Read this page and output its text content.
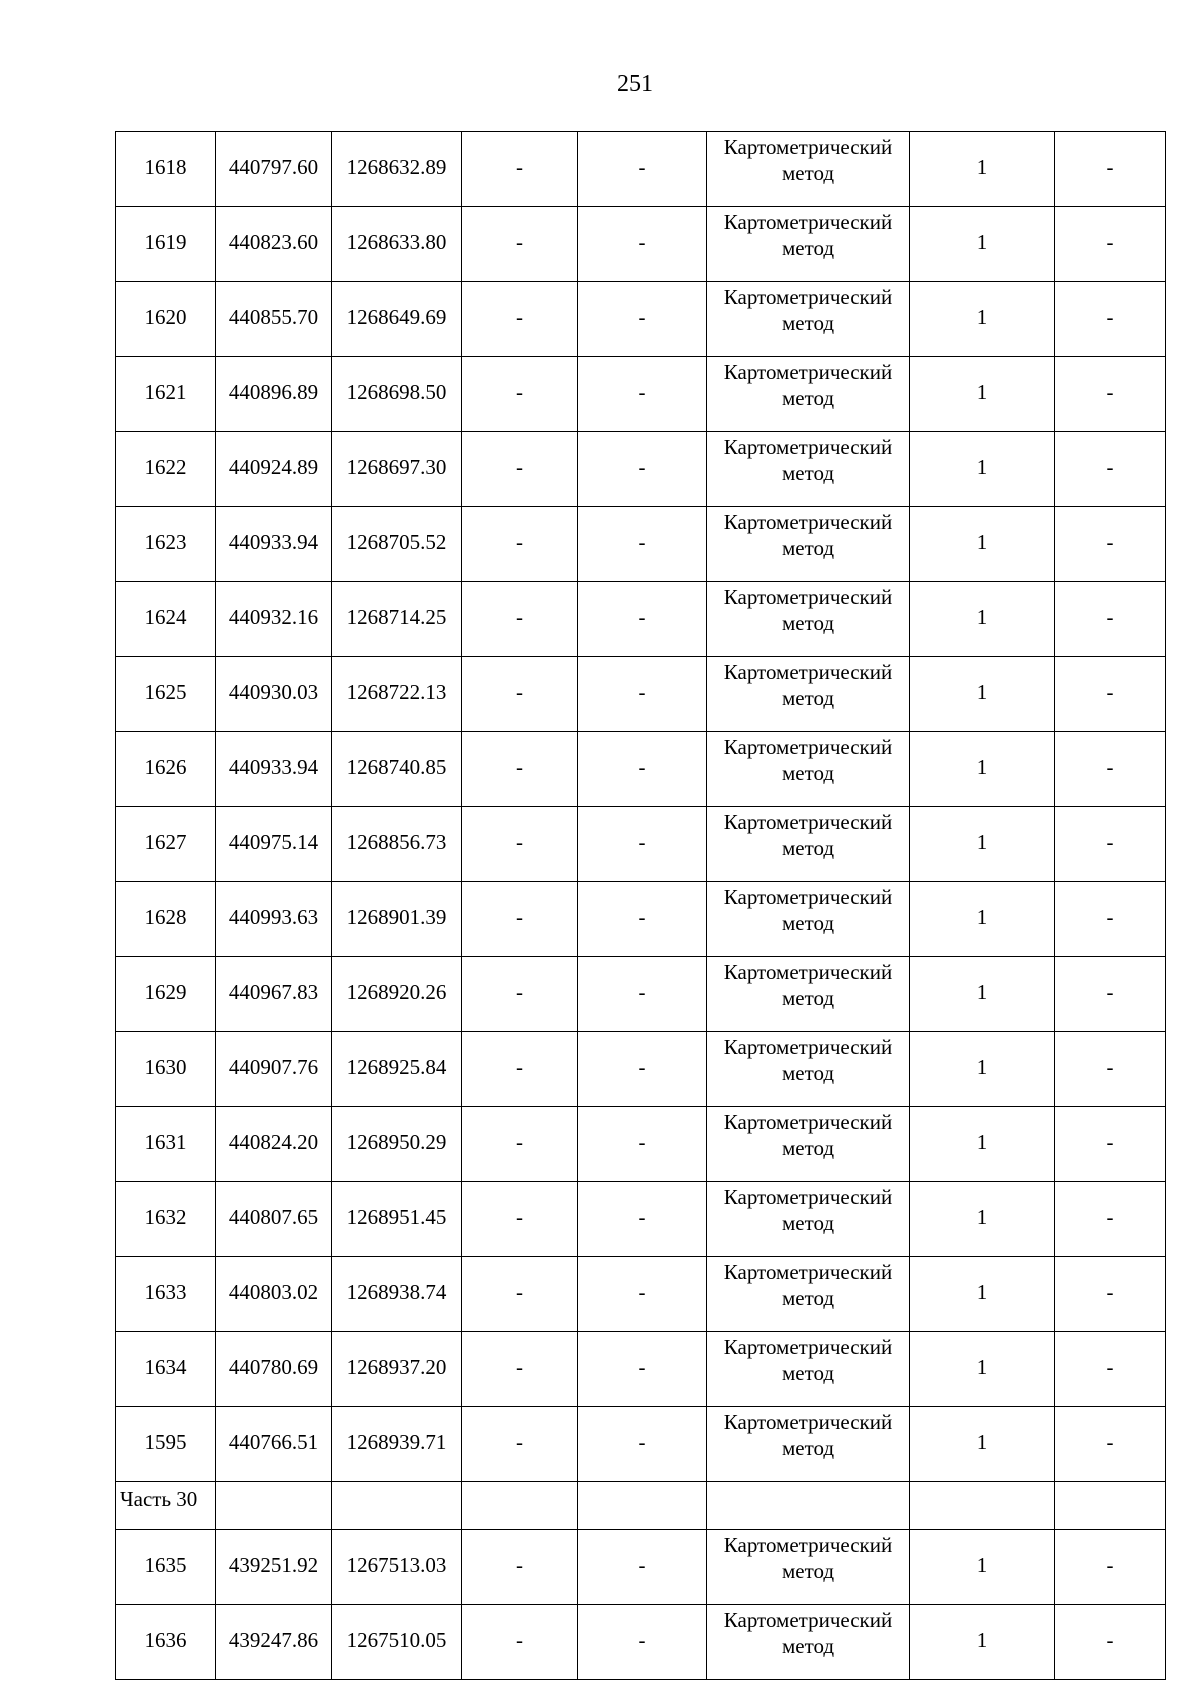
251
1618	440797.60	1268632.89	-	-	Картометрический метод	1	-
1619	440823.60	1268633.80	-	-	Картометрический метод	1	-
1620	440855.70	1268649.69	-	-	Картометрический метод	1	-
1621	440896.89	1268698.50	-	-	Картометрический метод	1	-
1622	440924.89	1268697.30	-	-	Картометрический метод	1	-
1623	440933.94	1268705.52	-	-	Картометрический метод	1	-
1624	440932.16	1268714.25	-	-	Картометрический метод	1	-
1625	440930.03	1268722.13	-	-	Картометрический метод	1	-
1626	440933.94	1268740.85	-	-	Картометрический метод	1	-
1627	440975.14	1268856.73	-	-	Картометрический метод	1	-
1628	440993.63	1268901.39	-	-	Картометрический метод	1	-
1629	440967.83	1268920.26	-	-	Картометрический метод	1	-
1630	440907.76	1268925.84	-	-	Картометрический метод	1	-
1631	440824.20	1268950.29	-	-	Картометрический метод	1	-
1632	440807.65	1268951.45	-	-	Картометрический метод	1	-
1633	440803.02	1268938.74	-	-	Картометрический метод	1	-
1634	440780.69	1268937.20	-	-	Картометрический метод	1	-
1595	440766.51	1268939.71	-	-	Картометрический метод	1	-
Часть 30							
1635	439251.92	1267513.03	-	-	Картометрический метод	1	-
1636	439247.86	1267510.05	-	-	Картометрический метод	1	-
